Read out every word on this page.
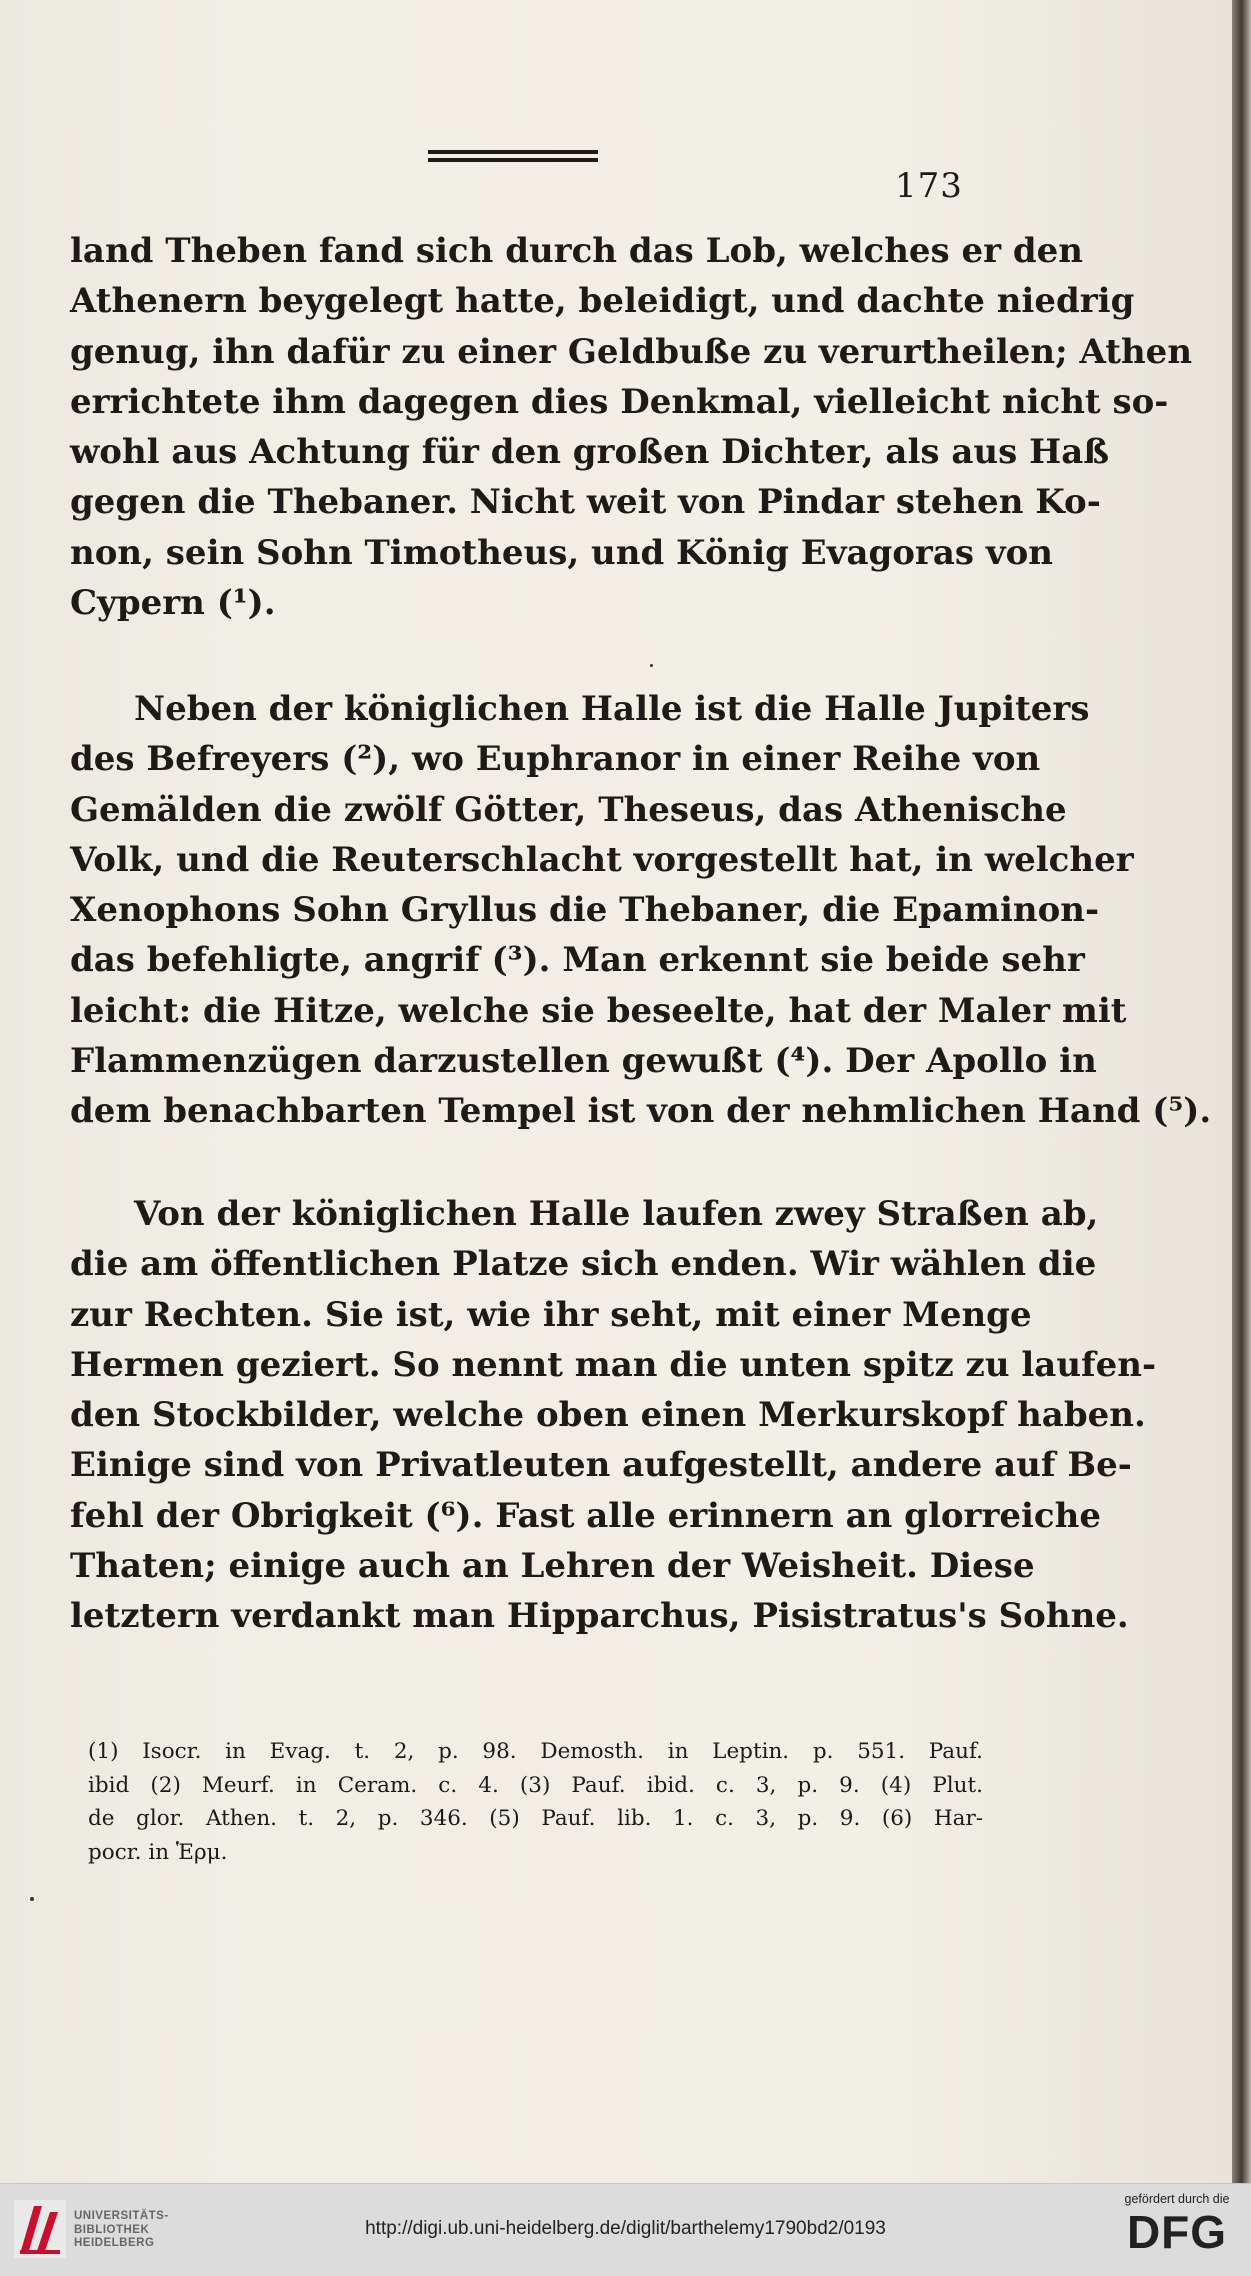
173
land Theben fand sich durch das Lob, welches er den
Athenern beygelegt hatte, beleidigt, und dachte niedrig
genug, ihn dafür zu einer Geldbuße zu verurtheilen; Athen
errichtete ihm dagegen dies Denkmal, vielleicht nicht so-
wohl aus Achtung für den großen Dichter, als aus Haß
gegen die Thebaner. Nicht weit von Pindar stehen Ko-
non, sein Sohn Timotheus, und König Evagoras von
Cypern (¹).
Neben der königlichen Halle ist die Halle Jupiters
des Befreyers (²), wo Euphranor in einer Reihe von
Gemälden die zwölf Götter, Theseus, das Athenische
Volk, und die Reuterschlacht vorgestellt hat, in welcher
Xenophons Sohn Gryllus die Thebaner, die Epaminon-
das befehligte, angrif (³). Man erkennt sie beide sehr
leicht: die Hitze, welche sie beseelte, hat der Maler mit
Flammenzügen darzustellen gewußt (⁴). Der Apollo in
dem benachbarten Tempel ist von der nehmlichen Hand (⁵).
Von der königlichen Halle laufen zwey Straßen ab,
die am öffentlichen Platze sich enden. Wir wählen die
zur Rechten. Sie ist, wie ihr seht, mit einer Menge
Hermen geziert. So nennt man die unten spitz zu laufen-
den Stockbilder, welche oben einen Merkurskopf haben.
Einige sind von Privatleuten aufgestellt, andere auf Be-
fehl der Obrigkeit (⁶). Fast alle erinnern an glorreiche
Thaten; einige auch an Lehren der Weisheit. Diese
letztern verdankt man Hipparchus, Pisistratus's Sohne.
(1) Isocr. in Evag. t. 2, p. 98. Demosth. in Leptin. p. 551. Pauf.
ibid (2) Meurf. in Ceram. c. 4. (3) Pauf. ibid. c. 3, p. 9. (4) Plut.
de glor. Athen. t. 2, p. 346. (5) Pauf. lib. 1. c. 3, p. 9. (6) Har-
pocr. in Ἑρμ.
UNIVERSITÄTS-
BIBLIOTHEK
HEIDELBERG
http://digi.ub.uni-heidelberg.de/diglit/barthelemy1790bd2/0193
gefördert durch die
DFG
